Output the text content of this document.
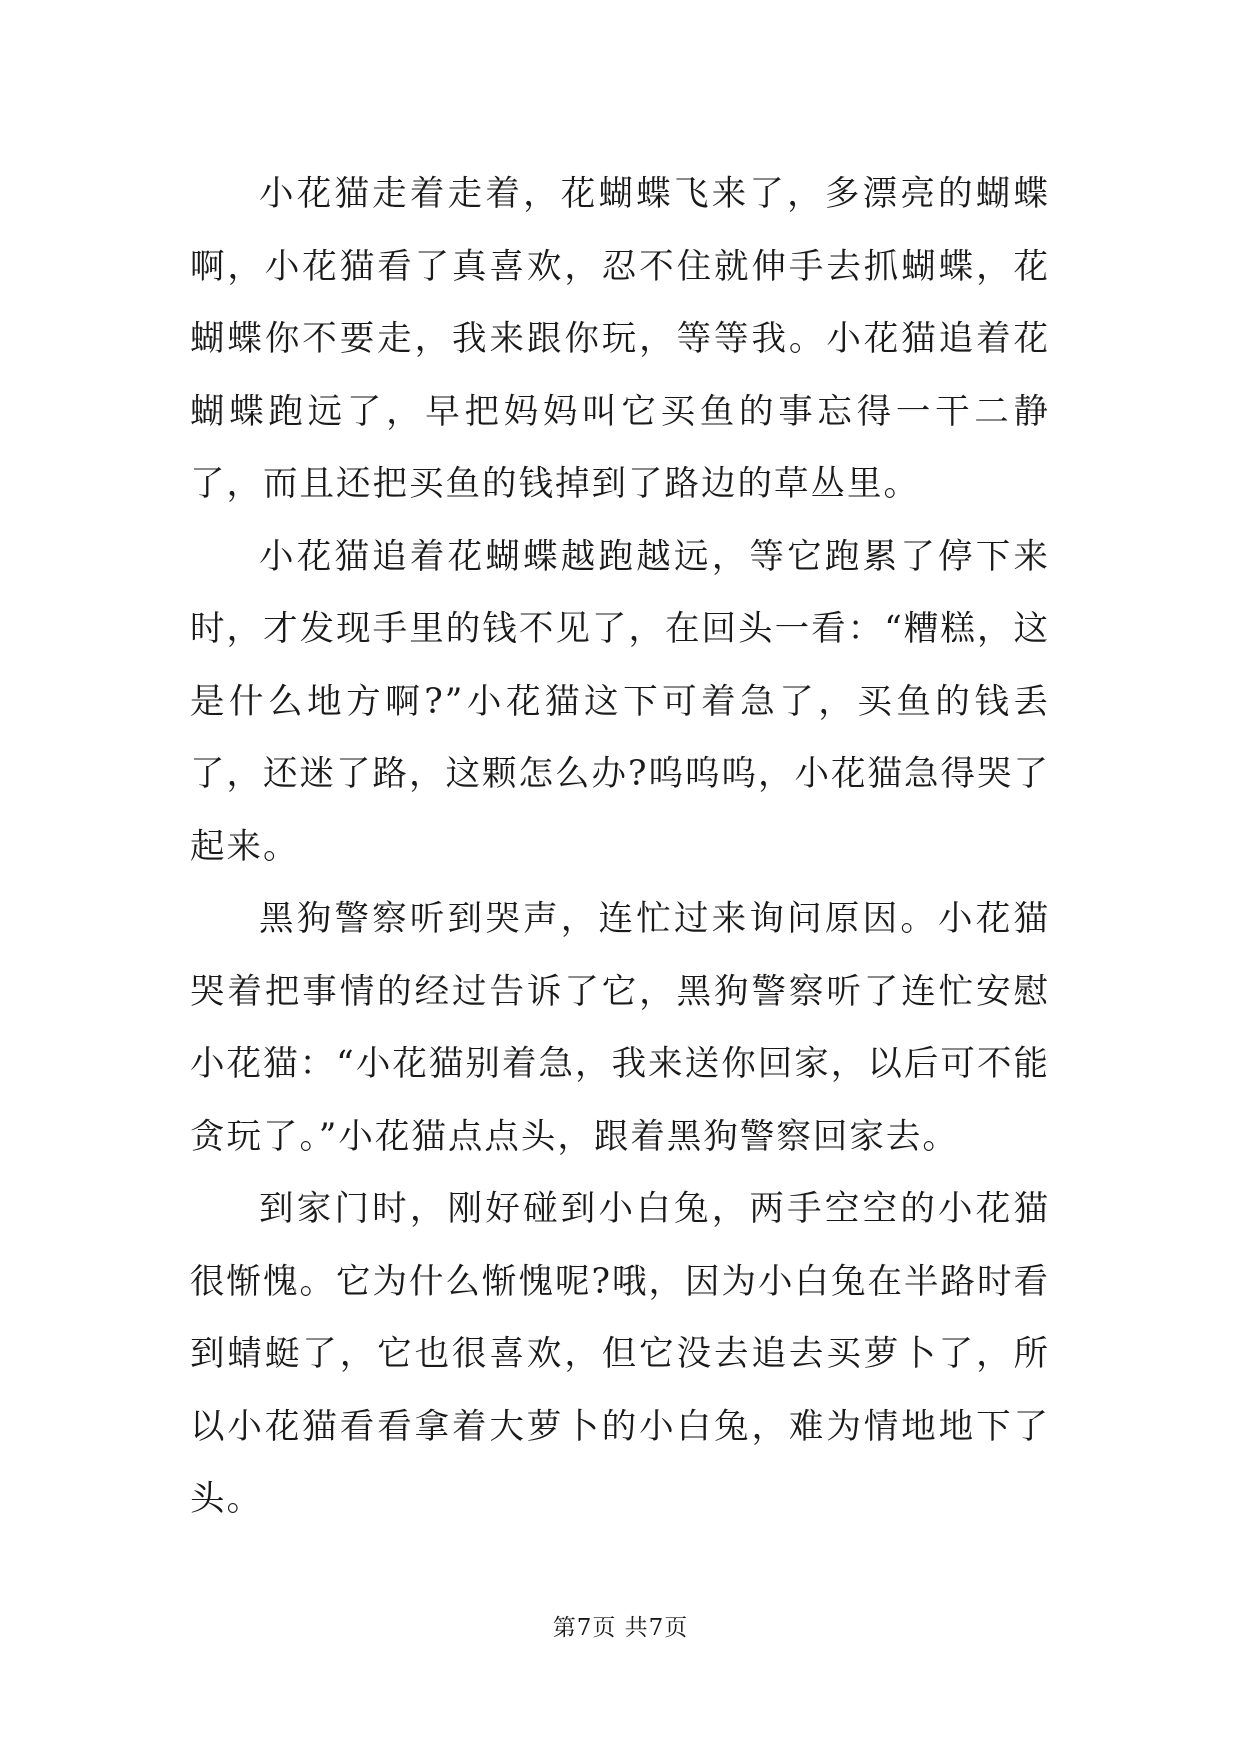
小花猫走着走着，花蝴蝶飞来了，多漂亮的蝴蝶啊，小花猫看了真喜欢，忍不住就伸手去抓蝴蝶，花蝴蝶你不要走，我来跟你玩，等等我。小花猫追着花蝴蝶跑远了，早把妈妈叫它买鱼的事忘得一干二静了，而且还把买鱼的钱掉到了路边的草丛里。

小花猫追着花蝴蝶越跑越远，等它跑累了停下来时，才发现手里的钱不见了，在回头一看：“糟糕，这是什么地方啊?”小花猫这下可着急了，买鱼的钱丢了，还迷了路，这颗怎么办?呜呜呜，小花猫急得哭了起来。

黑狗警察听到哭声，连忙过来询问原因。小花猫哭着把事情的经过告诉了它，黑狗警察听了连忙安慰小花猫：“小花猫别着急，我来送你回家，以后可不能贪玩了。”小花猫点点头，跟着黑狗警察回家去。

到家门时，刚好碰到小白兔，两手空空的小花猫很惭愧。它为什么惭愧呢?哦，因为小白兔在半路时看到蜻蜓了，它也很喜欢，但它没去追去买萝卜了，所以小花猫看看拿着大萝卜的小白兔，难为情地地下了头。

第7页 共7页
